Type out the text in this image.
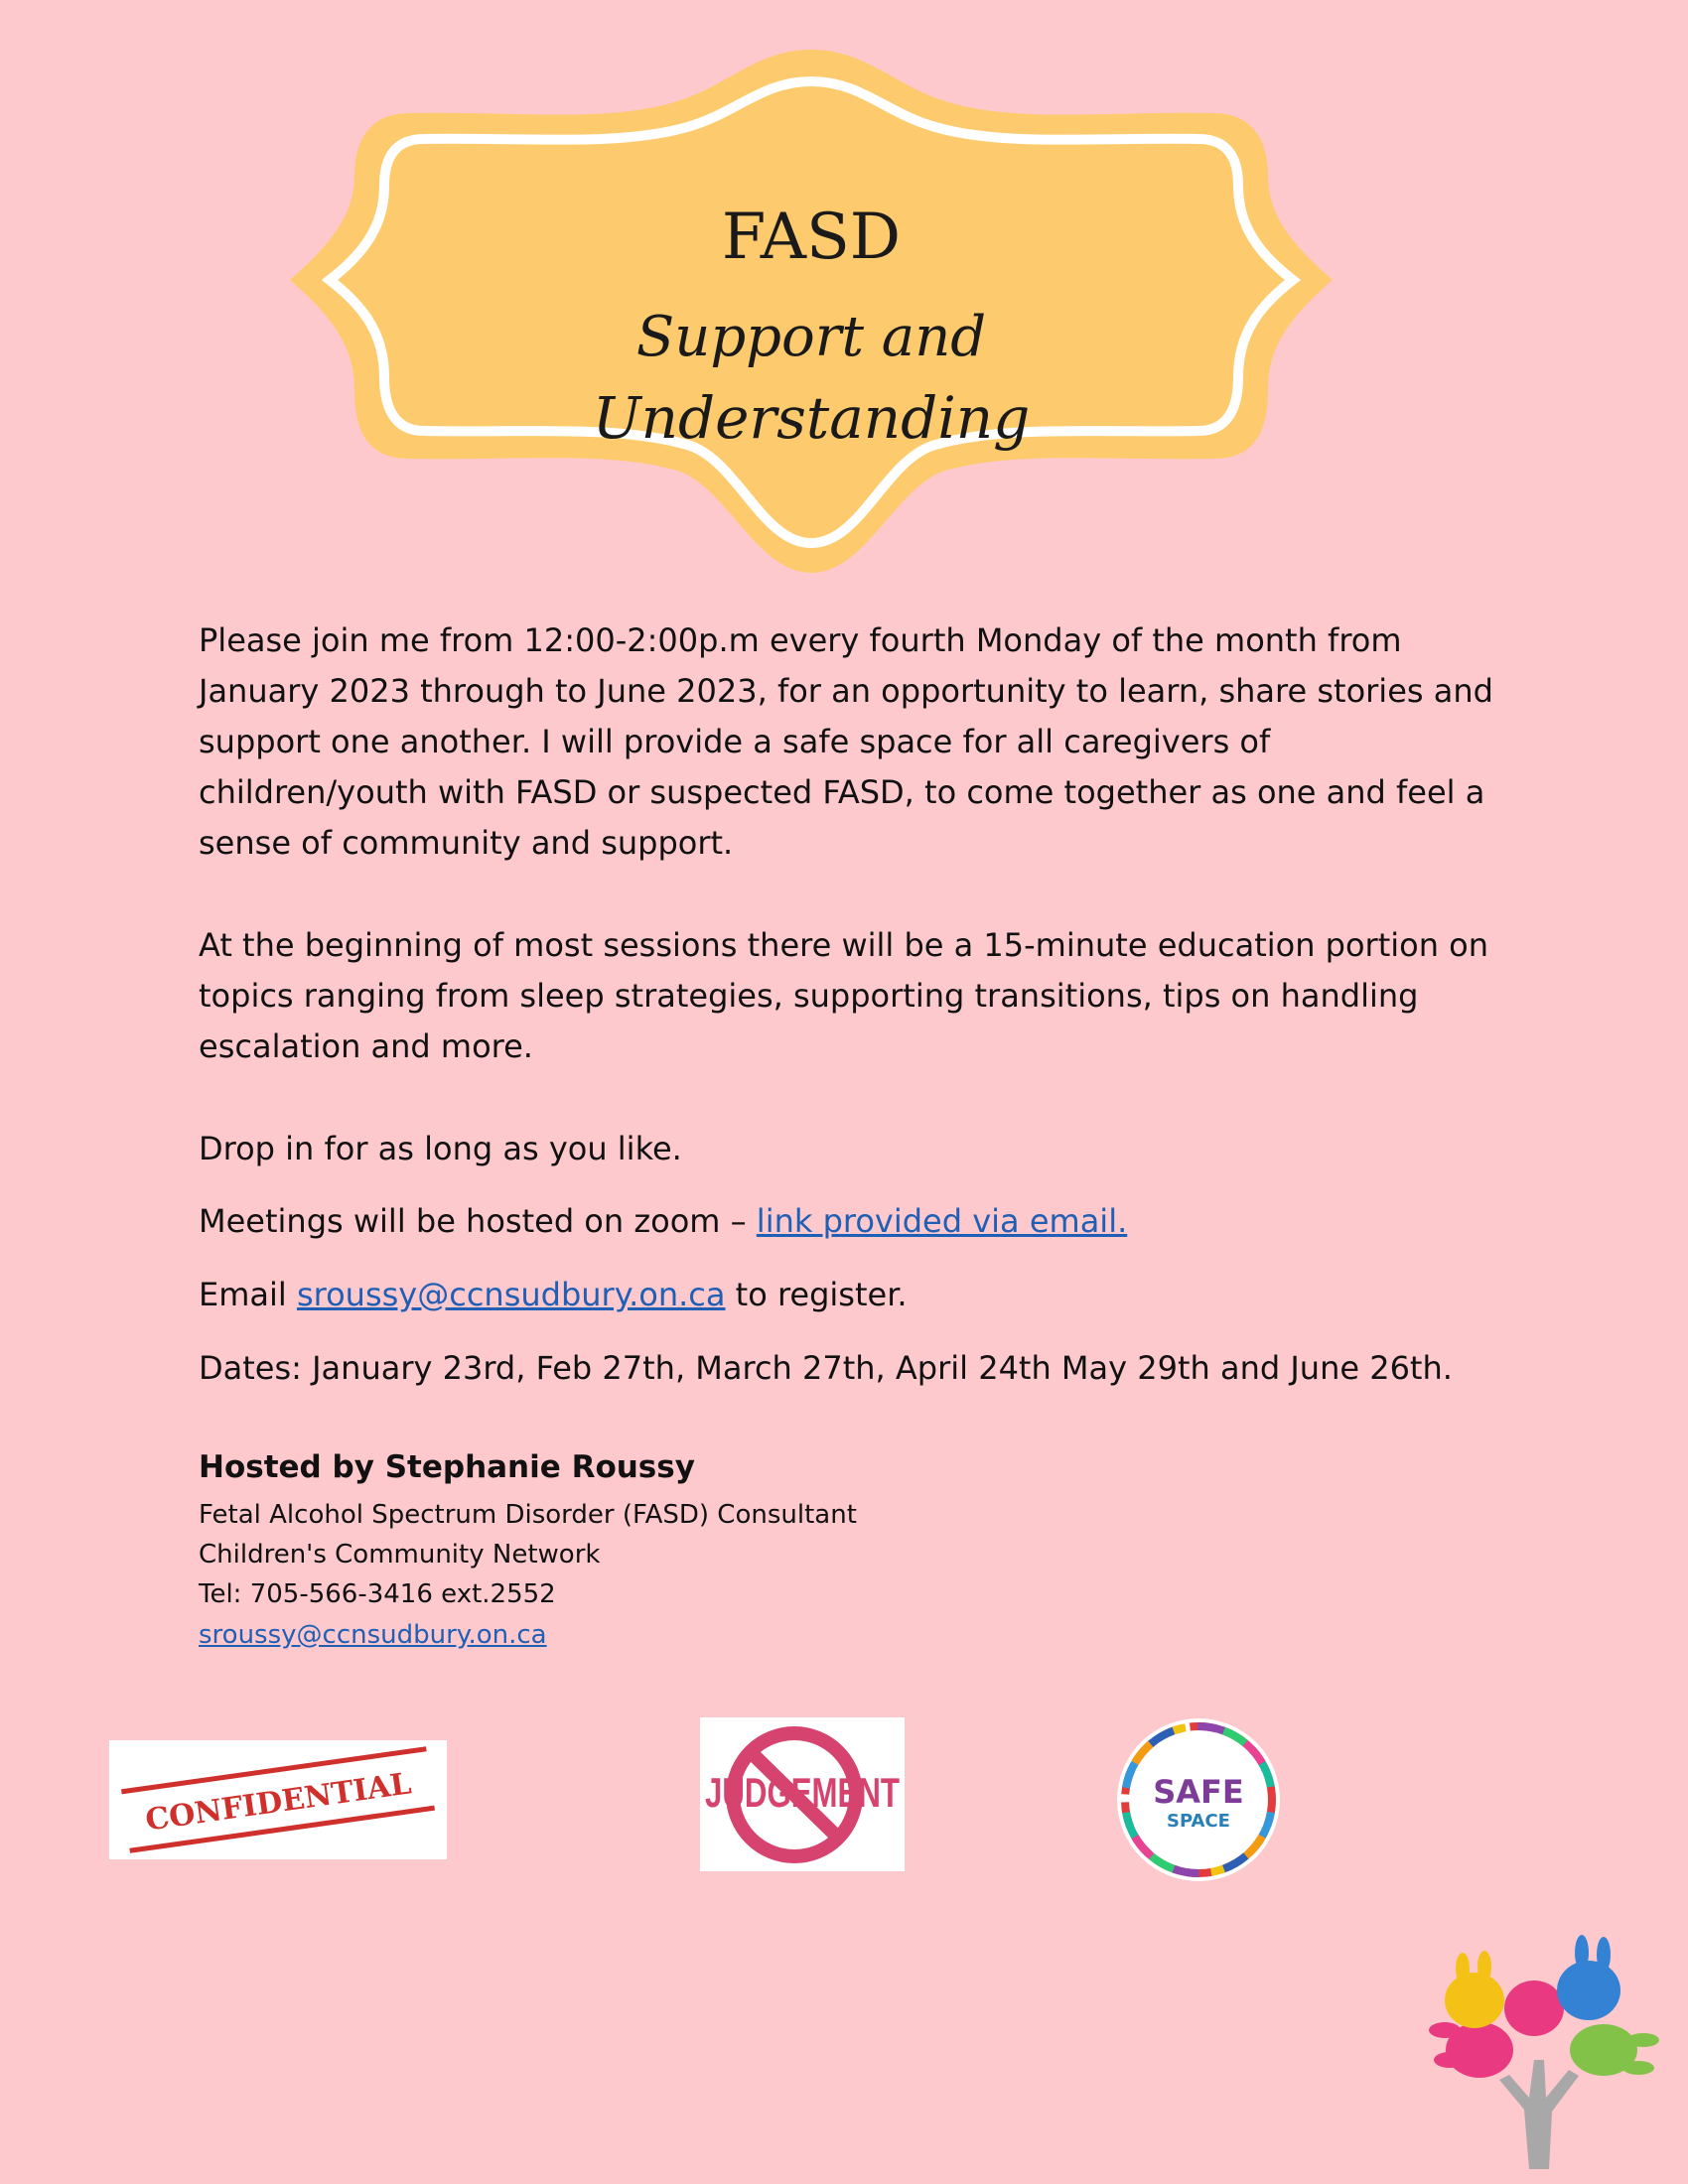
FASD
Support and
Understanding
Please join me from 12:00-2:00p.m every fourth Monday of the month from January 2023 through to June 2023, for an opportunity to learn, share stories and support one another. I will provide a safe space for all caregivers of children/youth with FASD or suspected FASD, to come together as one and feel a sense of community and support.
At the beginning of most sessions there will be a 15-minute education portion on topics ranging from sleep strategies, supporting transitions, tips on handling escalation and more.
Drop in for as long as you like.
Meetings will be hosted on zoom – link provided via email.
Email sroussy@ccnsudbury.on.ca to register.
Dates: January 23rd, Feb 27th, March 27th, April 24th May 29th and June 26th.
Hosted by Stephanie Roussy
Fetal Alcohol Spectrum Disorder (FASD) Consultant
Children's Community Network
Tel: 705-566-3416 ext.2552
sroussy@ccnsudbury.on.ca
CONFIDENTIAL	JUDGEMENT	SAFE
SPACE
